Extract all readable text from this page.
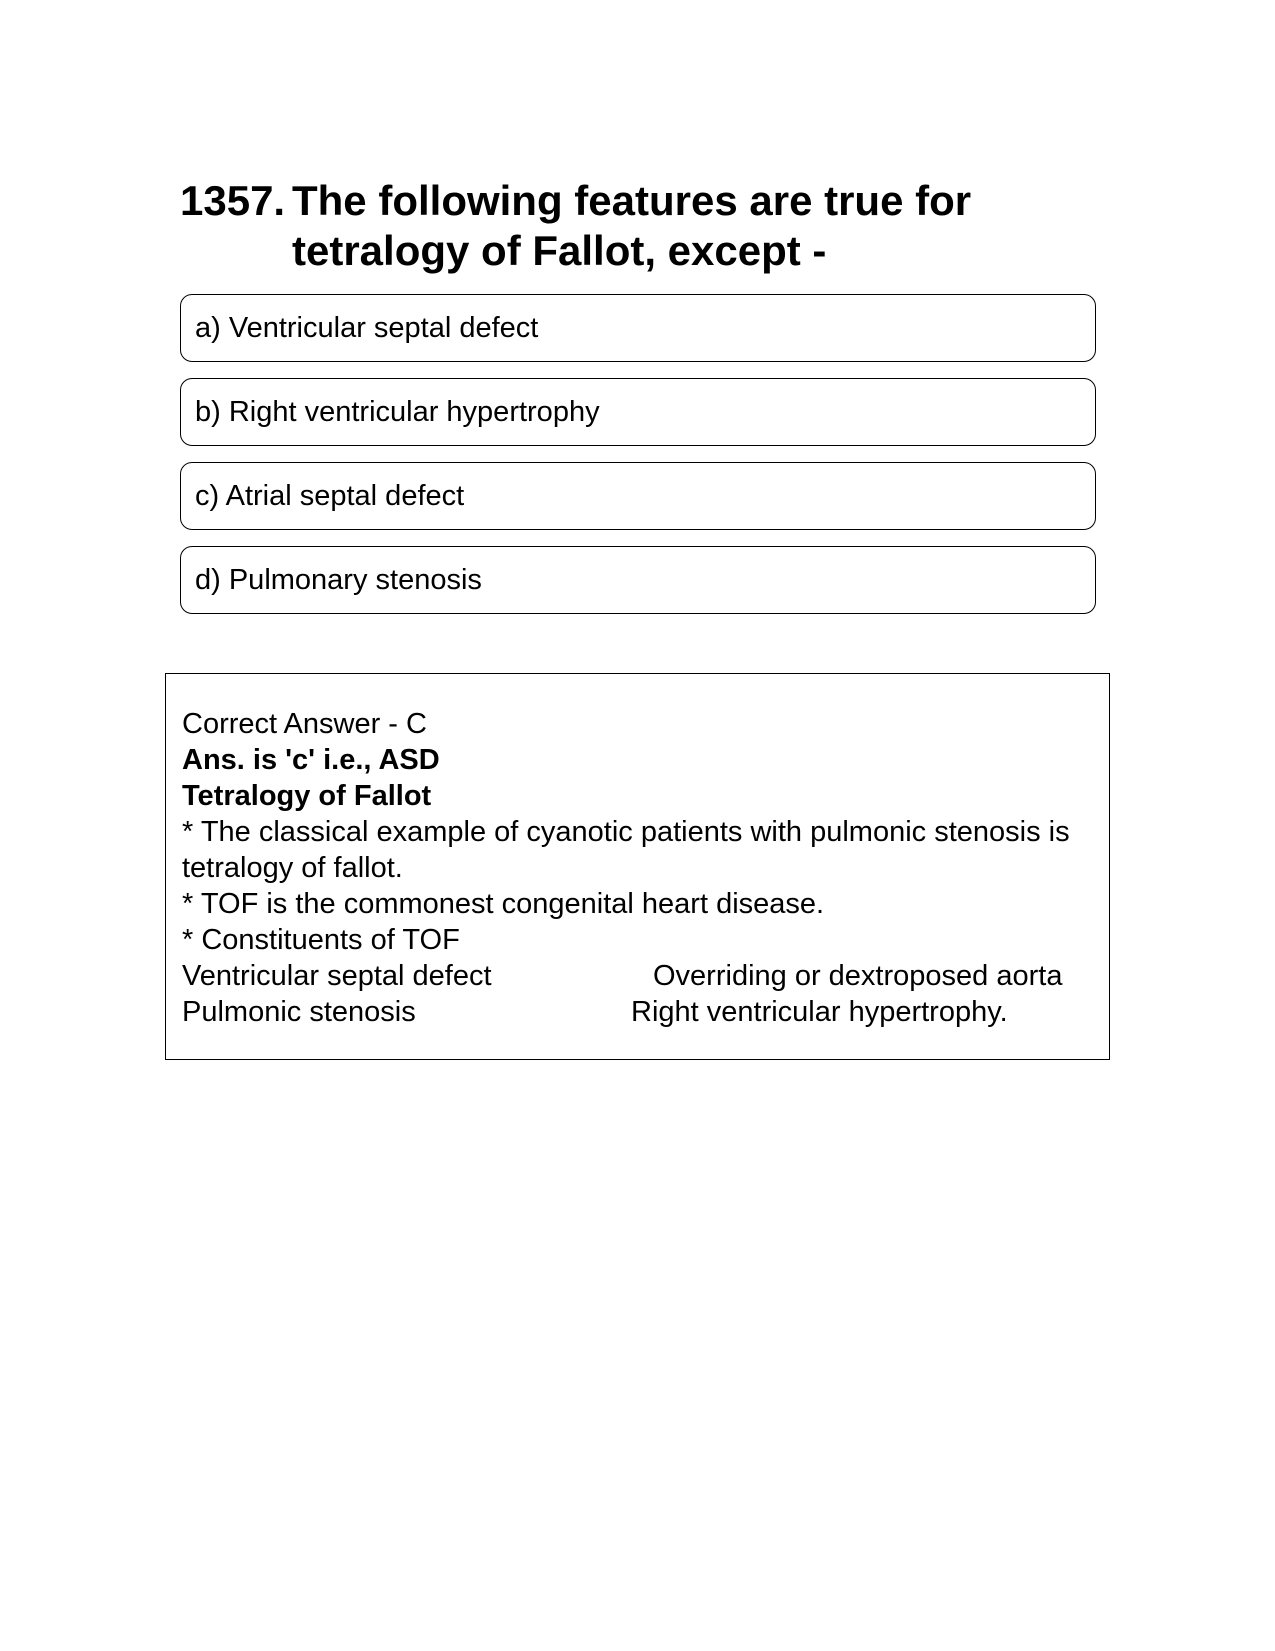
1357. The following features are true for tetralogy of Fallot, except -
a) Ventricular septal defect
b) Right ventricular hypertrophy
c) Atrial septal defect
d) Pulmonary stenosis

Correct Answer - C

Ans. is 'c' i.e., ASD

Tetralogy of Fallot

* The classical example of cyanotic patients with pulmonic stenosis is tetralogy of fallot.

* TOF is the commonest congenital heart disease.

* Constituents of TOF

Ventricular septal defect	Overriding or dextroposed aorta
Pulmonic stenosis	Right ventricular hypertrophy.
